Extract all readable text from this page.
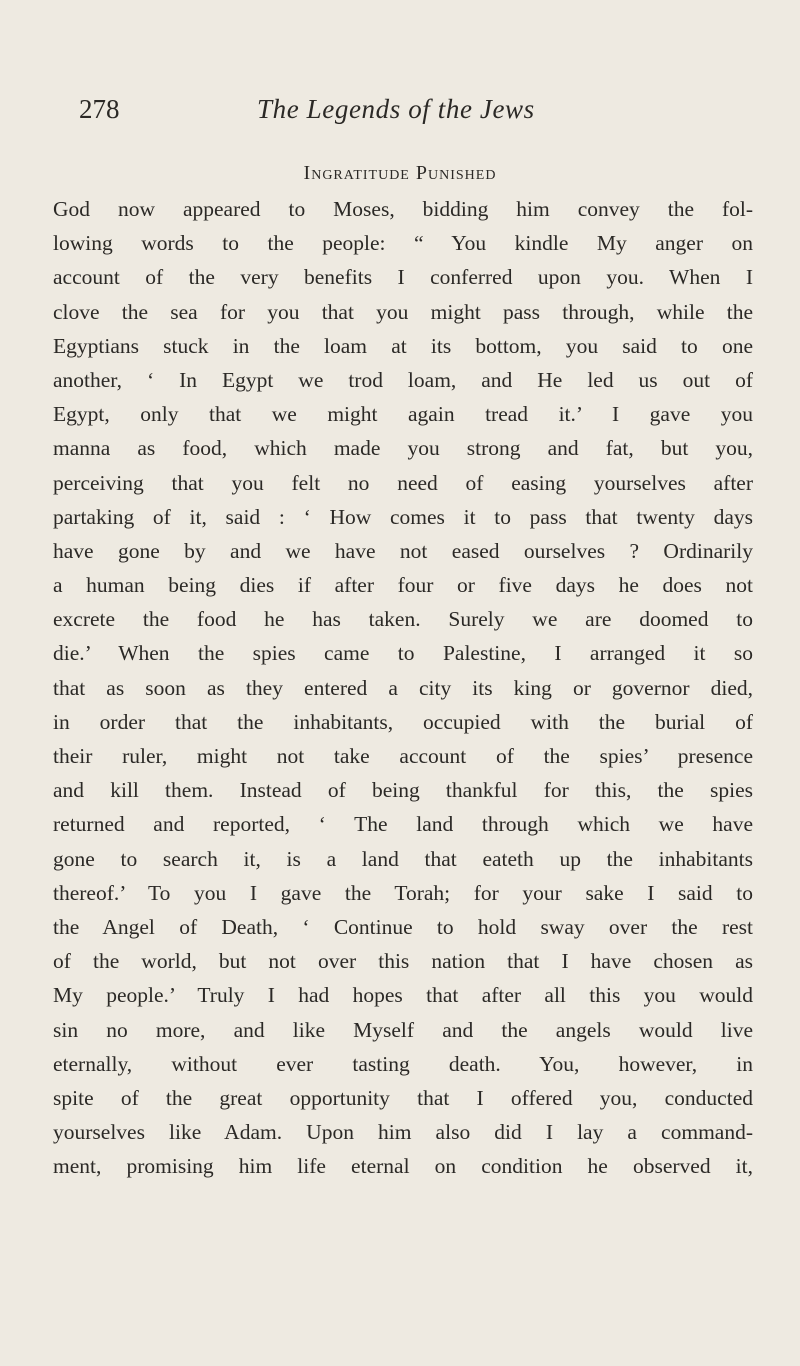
278	The Legends of the Jews
Ingratitude Punished
God now appeared to Moses, bidding him convey the fol-
lowing words to the people: “ You kindle My anger on
account of the very benefits I conferred upon you. When I
clove the sea for you that you might pass through, while the
Egyptians stuck in the loam at its bottom, you said to one
another, ‘ In Egypt we trod loam, and He led us out of
Egypt, only that we might again tread it.’ I gave you
manna as food, which made you strong and fat, but you,
perceiving that you felt no need of easing yourselves after
partaking of it, said : ‘ How comes it to pass that twenty days
have gone by and we have not eased ourselves ? Ordinarily
a human being dies if after four or five days he does not
excrete the food he has taken. Surely we are doomed to
die.’ When the spies came to Palestine, I arranged it so
that as soon as they entered a city its king or governor died,
in order that the inhabitants, occupied with the burial of
their ruler, might not take account of the spies’ presence
and kill them. Instead of being thankful for this, the spies
returned and reported, ‘ The land through which we have
gone to search it, is a land that eateth up the inhabitants
thereof.’ To you I gave the Torah; for your sake I said to
the Angel of Death, ‘ Continue to hold sway over the rest
of the world, but not over this nation that I have chosen as
My people.’ Truly I had hopes that after all this you would
sin no more, and like Myself and the angels would live
eternally, without ever tasting death. You, however, in
spite of the great opportunity that I offered you, conducted
yourselves like Adam. Upon him also did I lay a command-
ment, promising him life eternal on condition he observed it,
